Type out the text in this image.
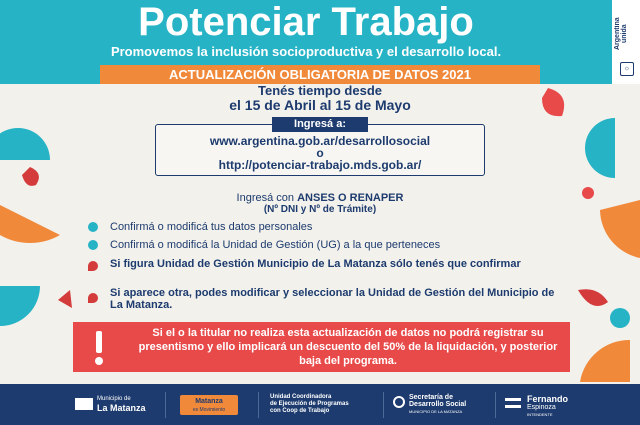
Potenciar Trabajo
Promovemos la inclusión socioproductiva y el desarrollo local.
ACTUALIZACIÓN OBLIGATORIA DE DATOS 2021
Argentina unida
☼
Tenés tiempo desde
el 15 de Abril al 15 de Mayo
www.argentina.gob.ar/desarrollosocial
o
http://potenciar-trabajo.mds.gob.ar/
Ingresá a:
Ingresá con ANSES O RENAPER
(Nº DNI y Nº de Trámite)
Confirmá o modificá tus datos personales
Confirmá o modificá la Unidad de Gestión (UG) a la que perteneces
Si figura Unidad de Gestión Municipio de La Matanza sólo tenés que confirmar
Si aparece otra, podes modificar y seleccionar la Unidad de Gestión del Municipio de La Matanza.
Si el o la titular no realiza esta actualización de datos no podrá registrar su presentismo y ello implicará un descuento del 50% de la liquidación, y posterior baja del programa.
Municipio de
La Matanza
Matanza
es Movimiento
Unidad Coordinadora
de Ejecución de Programas
con Coop de Trabajo
Secretaría de
Desarrollo Social
MUNICIPIO DE LA MATANZA
Fernando
Espinoza
INTENDENTE
